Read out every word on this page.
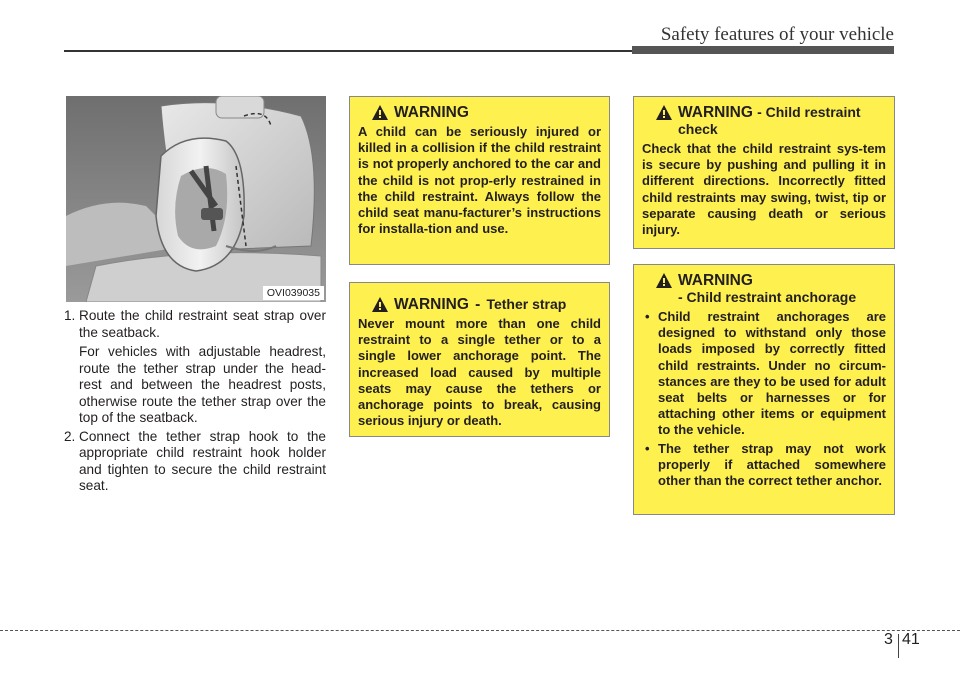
Safety features of your vehicle
OVI039035
1. Route the child restraint seat strap over the seatback.

For vehicles with adjustable headrest, route the tether strap under the head-rest and between the headrest posts, otherwise route the tether strap over the top of the seatback.
2. Connect the tether strap hook to the appropriate child restraint hook holder and tighten to secure the child restraint seat.

WARNING
A child can be seriously injured or killed in a collision if the child restraint is not properly anchored to the car and the child is not prop-erly restrained in the child restraint. Always follow the child seat manu-facturer’s instructions for installa-tion and use.
WARNING - Tether strap
Never mount more than one child restraint to a single tether or to a single lower anchorage point. The increased load caused by multiple seats may cause the tethers or anchorage points to break, causing serious injury or death.
WARNING - Child restraint check
Check that the child restraint sys-tem is secure by pushing and pulling it in different directions. Incorrectly fitted child restraints may swing, twist, tip or separate causing death or serious injury.
WARNING
- Child restraint anchorage
• Child restraint anchorages are designed to withstand only those loads imposed by correctly fitted child restraints. Under no circum-stances are they to be used for adult seat belts or harnesses or for attaching other items or equipment to the vehicle.
• The tether strap may not work properly if attached somewhere other than the correct tether anchor.
3 41
